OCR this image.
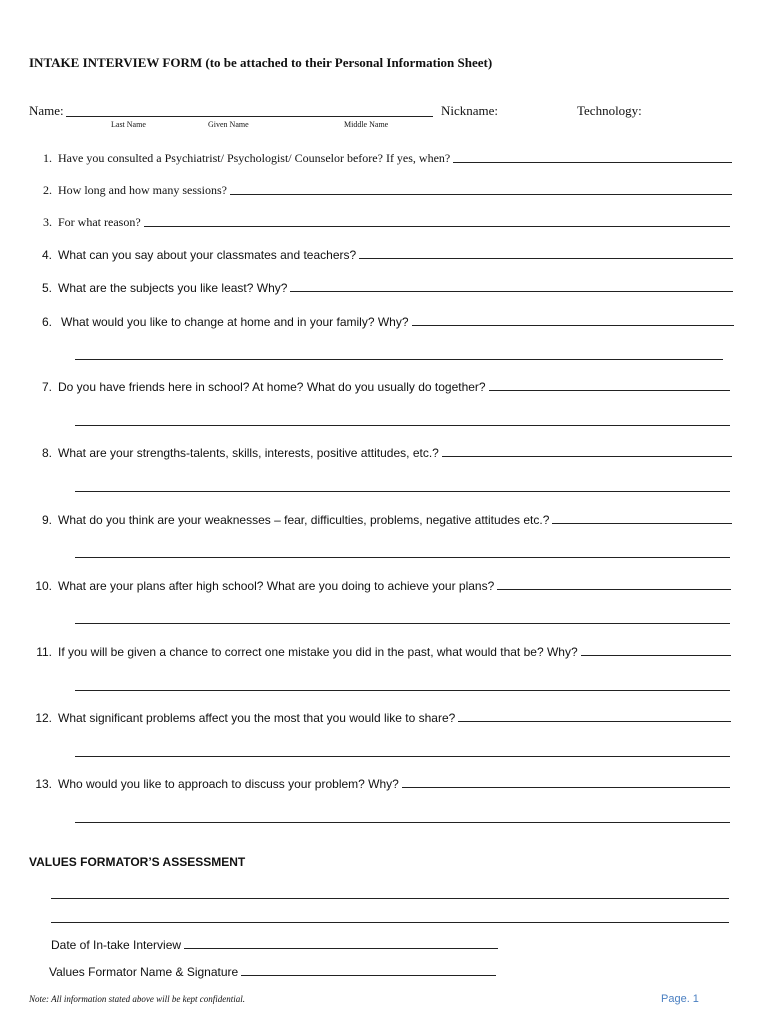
INTAKE INTERVIEW FORM (to be attached to their Personal Information Sheet)
Name:
Last Name	Given Name	Middle Name
Nickname:	Technology:
1. Have you consulted a Psychiatrist/ Psychologist/ Counselor before? If yes, when?
2. How long and how many sessions?
3. For what reason?
4. What can you say about your classmates and teachers?
5. What are the subjects you like least? Why?
6. What would you like to change at home and in your family? Why?
7. Do you have friends here in school? At home? What do you usually do together?
8. What are your strengths-talents, skills, interests, positive attitudes, etc.?
9. What do you think are your weaknesses – fear, difficulties, problems, negative attitudes etc.?
10. What are your plans after high school? What are you doing to achieve your plans?
11. If you will be given a chance to correct one mistake you did in the past, what would that be? Why?
12. What significant problems affect you the most that you would like to share?
13. Who would you like to approach to discuss your problem? Why?
VALUES FORMATOR’S ASSESSMENT
Date of In-take Interview
Values Formator Name & Signature
Note: All information stated above will be kept confidential.	Page. 1
